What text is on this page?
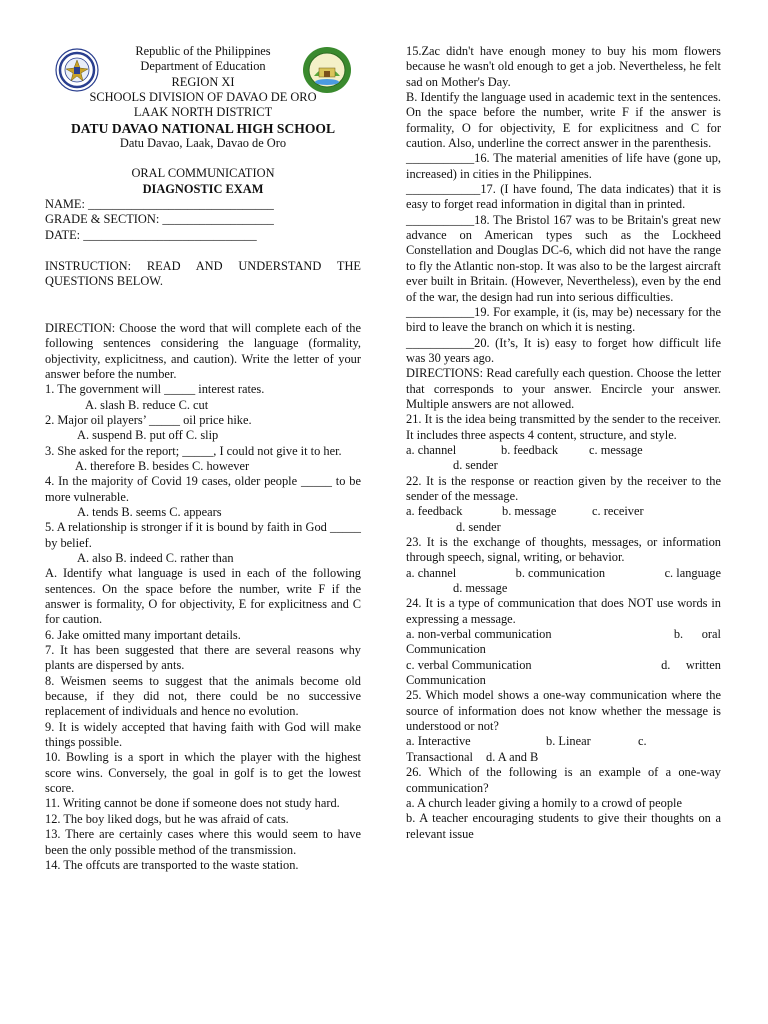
Republic of the Philippines

Department of Education

REGION XI

SCHOOLS DIVISION OF DAVAO DE ORO

LAAK NORTH DISTRICT

DATU DAVAO NATIONAL HIGH SCHOOL

Datu Davao, Laak, Davao de Oro

ORAL COMMUNICATION

DIAGNOSTIC EXAM

NAME: ______________________________

GRADE & SECTION: __________________

DATE: ____________________________

INSTRUCTION: READ AND UNDERSTAND THE QUESTIONS BELOW.

DIRECTION: Choose the word that will complete each of the following sentences considering the language (formality, objectivity, explicitness, and caution). Write the letter of your answer before the number.

1. The government will _____ interest rates.

A. slash B. reduce C. cut

2. Major oil players’ _____ oil price hike.

A. suspend B. put off C. slip

3. She asked for the report; _____, I could not give it to her.

A. therefore B. besides C. however

4. In the majority of Covid 19 cases, older people _____ to be more vulnerable.

A. tends B. seems C. appears

5. A relationship is stronger if it is bound by faith in God _____ by belief.

A. also B. indeed C. rather than

A. Identify what language is used in each of the following sentences. On the space before the number, write F if the answer is formality, O for objectivity, E for explicitness and C for caution.

6. Jake omitted many important details.

7. It has been suggested that there are several reasons why plants are dispersed by ants.

8. Weismen seems to suggest that the animals become old because, if they did not, there could be no successive replacement of individuals and hence no evolution.

9. It is widely accepted that having faith with God will make things possible.

10. Bowling is a sport in which the player with the highest score wins. Conversely, the goal in golf is to get the lowest score.

11. Writing cannot be done if someone does not study hard.

12. The boy liked dogs, but he was afraid of cats.

13. There are certainly cases where this would seem to have been the only possible method of the transmission.

14. The offcuts are transported to the waste station.

15.Zac didn't have enough money to buy his mom flowers because he wasn't old enough to get a job. Nevertheless, he felt sad on Mother's Day.

B. Identify the language used in academic text in the sentences. On the space before the number, write F if the answer is formality, O for objectivity, E for explicitness and C for caution. Also, underline the correct answer in the parenthesis.

___________16. The material amenities of life have (gone up, increased) in cities in the Philippines.

____________17. (I have found, The data indicates) that it is easy to forget read information in digital than in printed.

___________18. The Bristol 167 was to be Britain's great new advance on American types such as the Lockheed Constellation and Douglas DC-6, which did not have the range to fly the Atlantic non-stop. It was also to be the largest aircraft ever built in Britain. (However, Nevertheless), even by the end of the war, the design had run into serious difficulties.

___________19. For example, it (is, may be) necessary for the bird to leave the branch on which it is nesting.

___________20. (It’s, It is) easy to forget how difficult life was 30 years ago.

DIRECTIONS: Read carefully each question. Choose the letter that corresponds to your answer. Encircle your answer. Multiple answers are not allowed.

21. It is the idea being transmitted by the sender to the receiver. It includes three aspects 4 content, structure, and style.

a. channel	b. feedback c. message

d. sender

22. It is the response or reaction given by the receiver to the sender of the message.

a. feedback	b. message	c. receiver

d. sender

23. It is the exchange of thoughts, messages, or information through speech, signal, writing, or behavior.

a. channel	b. communication	c. language

d. message

24. It is a type of communication that does NOT use words in expressing a message.

a. non-verbal communication	b.      oral

Communication

c. verbal Communication	d.     written

Communication

25. Which model shows a one-way communication where the source of information does not know whether the message is understood or not?

a. Interactive	b. Linear	c.
Transactional d. A and B

26. Which of the following is an example of a one-way communication?

a. A church leader giving a homily to a crowd of people

b. A teacher encouraging students to give their thoughts on a relevant issue
